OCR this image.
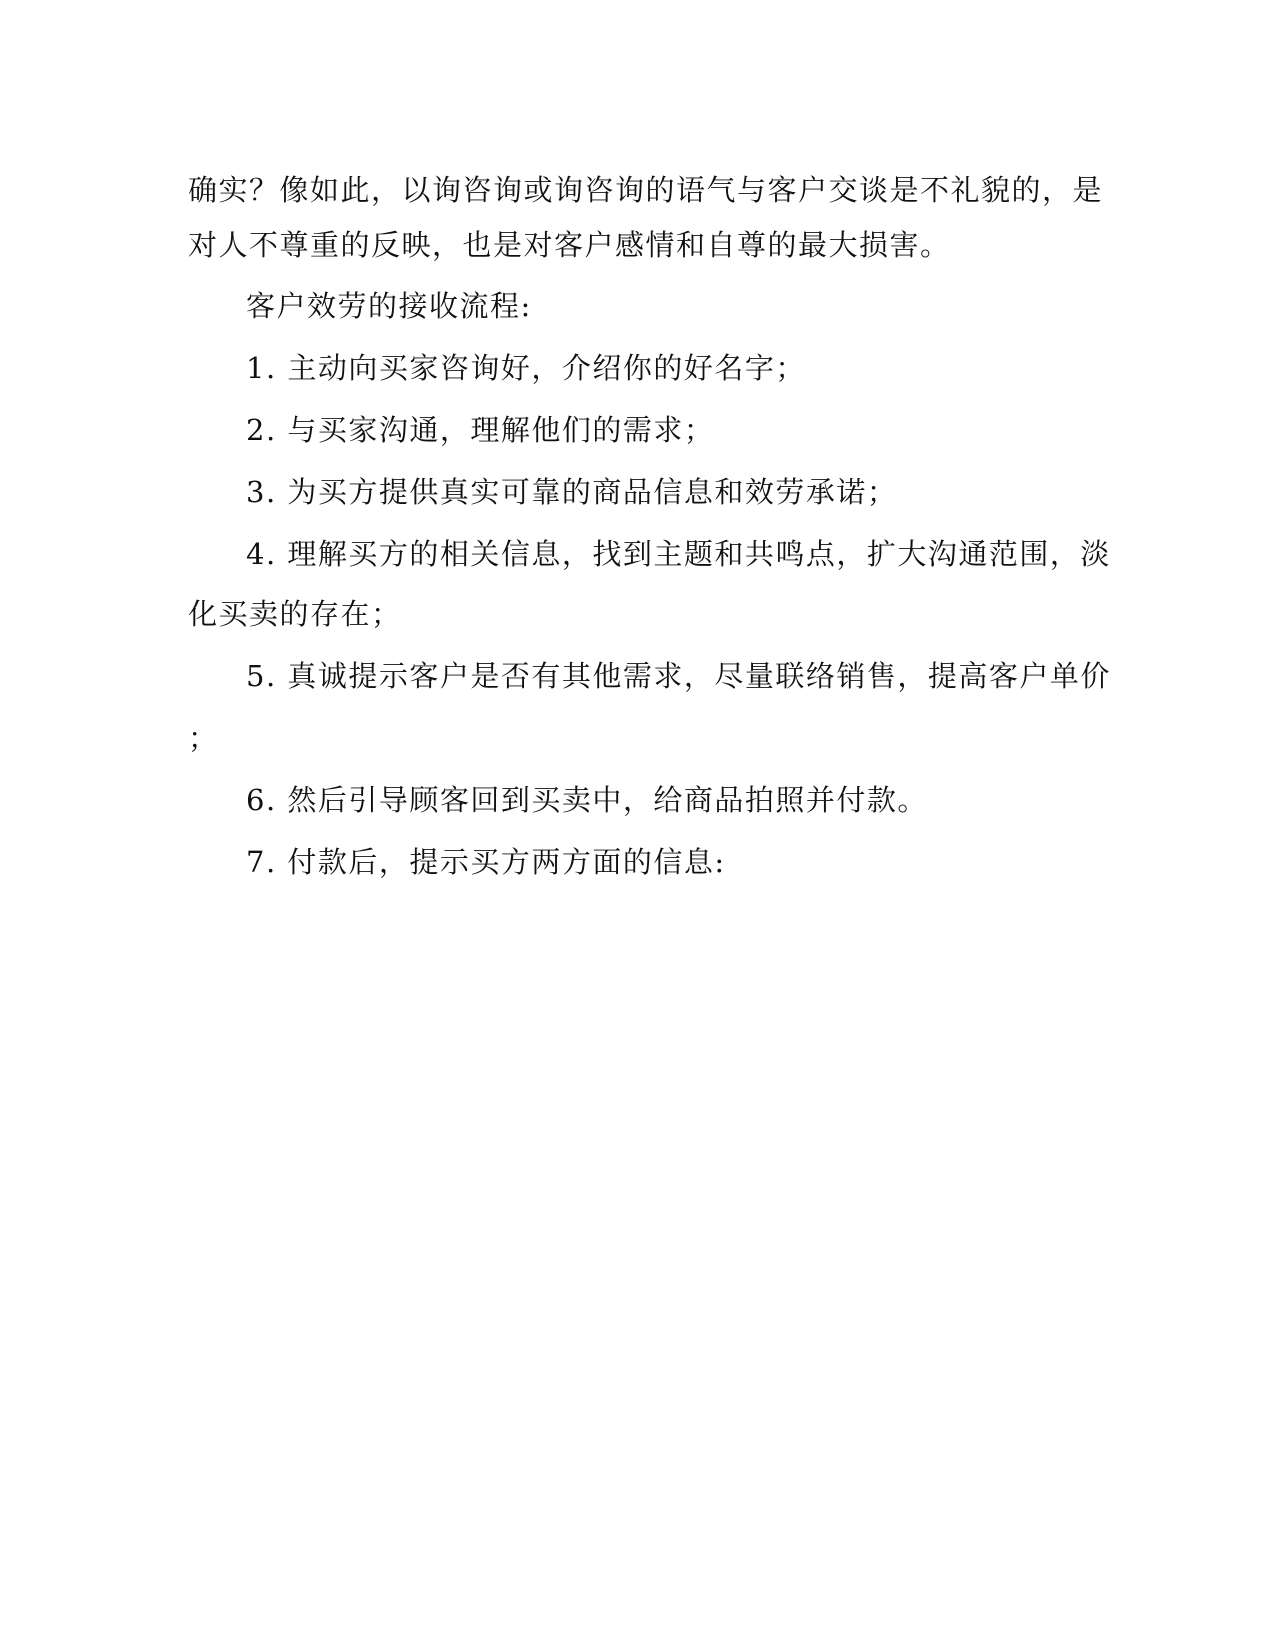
确实？像如此，以询咨询或询咨询的语气与客户交谈是不礼貌的，是
对人不尊重的反映，也是对客户感情和自尊的最大损害。
客户效劳的接收流程:
1. 主动向买家咨询好，介绍你的好名字；
2. 与买家沟通，理解他们的需求；
3. 为买方提供真实可靠的商品信息和效劳承诺；
4. 理解买方的相关信息，找到主题和共鸣点，扩大沟通范围，淡
化买卖的存在；
5. 真诚提示客户是否有其他需求，尽量联络销售，提高客户单价
；
6. 然后引导顾客回到买卖中，给商品拍照并付款。
7. 付款后，提示买方两方面的信息:
